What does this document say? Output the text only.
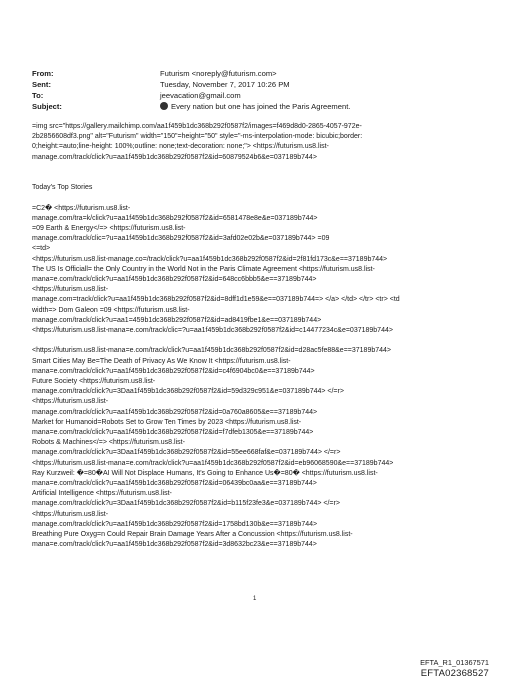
From:	Futurism <noreply@futurism.com>
Sent:	Tuesday, November 7, 2017 10:26 PM
To:	jeevacation@gmail.com
Subject:	Every nation but one has joined the Paris Agreement.

=img src="https://gallery.mailchimp.com/aa1f459b1dc368b292f0587f2/images=f469d8d0-2865-4057-972e-

2b2856608df3.png" alt="Futurism" width="150"=height="50" style="-ms-interpolation-mode: bicubic;border:

0;height:=auto;line-height: 100%;outline: none;text-decoration: none;"> <https://futurism.us8.list-

manage.com/track/click?u=aa1f459b1dc368b292f0587f2&id=60879524b6&e=037189b744>

Today's Top Stories

=C2� <https://futurism.us8.list-

manage.com/tra=k/click?u=aa1f459b1dc368b292f0587f2&id=6581478e8e&e=037189b744>

=09 Earth & Energy</=> <https://futurism.us8.list-

manage.com/track/clic=?u=aa1f459b1dc368b292f0587f2&id=3afd02e02b&e=037189b744> =09

<=td>

<https://futurism.us8.list-manage.co=/track/click?u=aa1f459b1dc368b292f0587f2&id=2f81fd173c&e==37189b744>

The US Is Officiall= the Only Country in the World Not in the Paris Climate Agreement <https://futurism.us8.list-

mana=e.com/track/click?u=aa1f459b1dc368b292f0587f2&id=648cc6bbb5&e==37189b744>

<https://futurism.us8.list-

manage.com=track/click?u=aa1f459b1dc368b292f0587f2&id=8dff1d1e59&e==037189b744=> </a> </td> </tr> <tr> <td

width=> Dom Galeon =09 <https://futurism.us8.list-

manage.com/track/click?u=aa1=459b1dc368b292f0587f2&id=ad8419fbe1&e==037189b744>

<https://futurism.us8.list-mana=e.com/track/clic=?u=aa1f459b1dc368b292f0587f2&id=c14477234c&e=037189b744>

<https://futurism.us8.list-mana=e.com/track/click?u=aa1f459b1dc368b292f0587f2&id=d28ac5fe88&e==37189b744>

Smart Cities May Be=The Death of Privacy As We Know It <https://futurism.us8.list-

mana=e.com/track/click?u=aa1f459b1dc368b292f0587f2&id=c4f6904bc0&e==37189b744>

Future Society <https://futurism.us8.list-

manage.com/track/click?u=3Daa1f459b1dc368b292f0587f2&id=59d329c951&e=037189b744> </=r>

<https://futurism.us8.list-

manage.com/track/click?u=aa1f459b1dc368b292f0587f2&id=0a760a8605&e==37189b744>

Market for Humanoid=Robots Set to Grow Ten Times by 2023 <https://futurism.us8.list-

mana=e.com/track/click?u=aa1f459b1dc368b292f0587f2&id=f7dfeb1305&e==37189b744>

Robots & Machines</=> <https://futurism.us8.list-

manage.com/track/click?u=3Daa1f459b1dc368b292f0587f2&id=55ee668faf&e=037189b744> </=r>

<https://futurism.us8.list-mana=e.com/track/click?u=aa1f459b1dc368b292f0587f2&id=eb96068590&e==37189b744>

Ray Kurzweil: �=80�AI Will Not Displace Humans, It's Going to Enhance Us�=80� <https://futurism.us8.list-

mana=e.com/track/click?u=aa1f459b1dc368b292f0587f2&id=06439bc0aa&e==37189b744>

Artificial Intelligence <https://futurism.us8.list-

manage.com/track/click?u=3Daa1f459b1dc368b292f0587f2&id=b115f23fe3&e=037189b744> </=r>

<https://futurism.us8.list-

manage.com/track/click?u=aa1f459b1dc368b292f0587f2&id=1758bd130b&e==37189b744>

Breathing Pure Oxyg=n Could Repair Brain Damage Years After a Concussion <https://futurism.us8.list-

mana=e.com/track/click?u=aa1f459b1dc368b292f0587f2&id=3d8632bc23&e==37189b744>

1
EFTA_R1_01367571
EFTA02368527
